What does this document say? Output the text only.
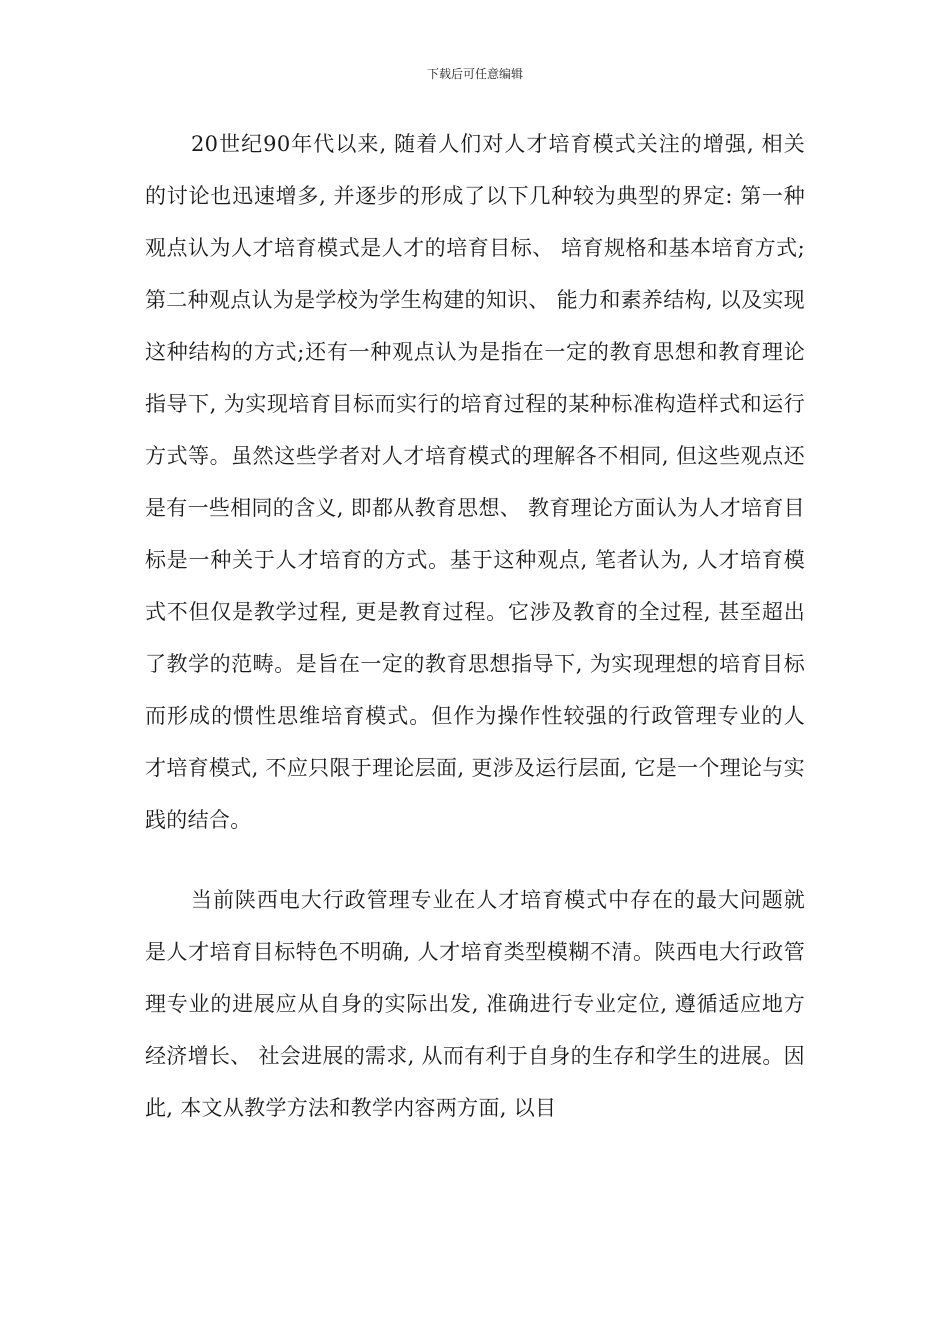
下载后可任意编辑

20世纪90年代以来, 随着人们对人才培育模式关注的增强, 相关的讨论也迅速增多, 并逐步的形成了以下几种较为典型的界定: 第一种观点认为人才培育模式是人才的培育目标、 培育规格和基本培育方式;第二种观点认为是学校为学生构建的知识、 能力和素养结构, 以及实现这种结构的方式;还有一种观点认为是指在一定的教育思想和教育理论指导下, 为实现培育目标而实行的培育过程的某种标准构造样式和运行方式等。虽然这些学者对人才培育模式的理解各不相同, 但这些观点还是有一些相同的含义, 即都从教育思想、 教育理论方面认为人才培育目标是一种关于人才培育的方式。基于这种观点, 笔者认为, 人才培育模式不但仅是教学过程, 更是教育过程。它涉及教育的全过程, 甚至超出了教学的范畴。是旨在一定的教育思想指导下, 为实现理想的培育目标而形成的惯性思维培育模式。但作为操作性较强的行政管理专业的人才培育模式, 不应只限于理论层面, 更涉及运行层面, 它是一个理论与实践的结合。

当前陕西电大行政管理专业在人才培育模式中存在的最大问题就是人才培育目标特色不明确, 人才培育类型模糊不清。陕西电大行政管理专业的进展应从自身的实际出发, 准确进行专业定位, 遵循适应地方经济增长、 社会进展的需求, 从而有利于自身的生存和学生的进展。因此, 本文从教学方法和教学内容两方面, 以目
